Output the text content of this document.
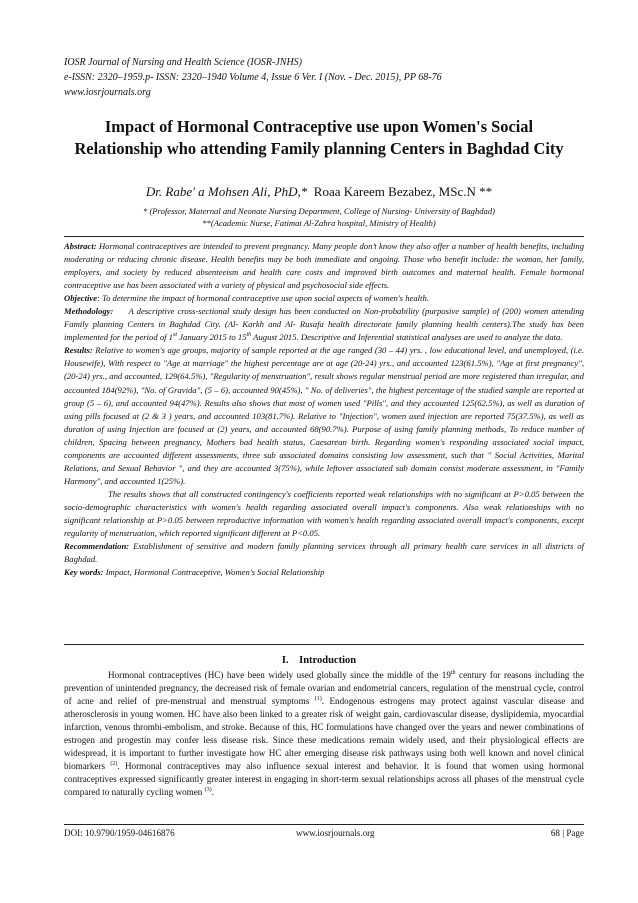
IOSR Journal of Nursing and Health Science (IOSR-JNHS)
e-ISSN: 2320–1959.p- ISSN: 2320–1940 Volume 4, Issue 6 Ver. I (Nov. - Dec. 2015), PP 68-76
www.iosrjournals.org
Impact of Hormonal Contraceptive use upon Women's Social Relationship who attending Family planning Centers in Baghdad City
Dr. Rabe' a Mohsen Ali, PhD,* Roaa Kareem Bezabez, MSc.N **
* (Professor, Maternal and Neonate Nursing Department, College of Nursing- University of Baghdad)
**(Academic Nurse, Fatimat Al-Zahra hospital, Ministry of Health)

Abstract: Hormonal contraceptives are intended to prevent pregnancy. Many people don’t know they also offer a number of health benefits, including moderating or reducing chronic disease. Health benefits may be both immediate and ongoing. Those who benefit include: the woman, her family, employers, and society by reduced absenteeism and health care costs and improved birth outcomes and maternal health. Female hormonal contraceptive use has been associated with a variety of physical and psychosocial side effects.

Objective: To determine the impact of hormonal contraceptive use upon social aspects of women's health.

Methodology: A descriptive cross-sectional study design has been conducted on Non-probability (purposive sample) of (200) women attending Family planning Centers in Baghdad City. (Al- Karkh and Al- Rusafa health directorate family planning health centers).The study has been implemented for the period of 1st January 2015 to 15th August 2015. Descriptive and Inferential statistical analyses are used to analyze the data.

Results: Relative to women's age groups, majority of sample reported at the age ranged (30 – 44) yrs. , low educational level, and unemployed, (i.e. Housewife), With respect to "Age at marriage" the highest percentage are at age (20-24) yrs., and accounted 123(61.5%), "Age at first pregnancy", (20-24) yrs., and accounted, 129(64.5%), "Regularity of menstruation", result shows regular menstrual period are more registered than irregular, and accounted 184(92%), "No. of Gravida", (5 – 6), accounted 90(45%), " No. of deliveries", the highest percentage of the studied sample are reported at group (5 – 6), and accounted 94(47%). Results also shows that most of women used "Pills", and they accounted 125(62.5%), as well as duration of using pills focused at (2 & 3 ) years, and accounted 103(81.7%). Relative to "Injection", women used injection are reported 75(37.5%), as well as duration of using Injection are focused at (2) years, and accounted 68(90.7%). Purpose of using family planning methods, To reduce number of children, Spacing between pregnancy, Mothers bad health status, Caesarean birth. Regarding women's responding associated social impact, components are accounted different assessments, three sub associated domains consisting low assessment, such that " Social Activities, Marital Relations, and Sexual Behavior ", and they are accounted 3(75%), while leftover associated sub domain consist moderate assessment, in "Family Harmony", and accounted 1(25%).

The results shows that all constructed contingency's coefficients reported weak relationships with no significant at P>0.05 between the socio-demographic characteristics with women's health regarding associated overall impact's components. Also weak relationships with no significant relationship at P>0.05 between reproductive information with women's health regarding associated overall impact's components, except regularity of menstruation, which reported significant different at P<0.05.

Recommendation: Establishment of sensitive and modern family planning services through all primary health care services in all districts of Baghdad.

Key words: Impact, Hormonal Contraceptive, Women's Social Relationship

I. Introduction

Hormonal contraceptives (HC) have been widely used globally since the middle of the 19th century for reasons including the prevention of unintended pregnancy, the decreased risk of female ovarian and endometrial cancers, regulation of the menstrual cycle, control of acne and relief of pre-menstrual and menstrual symptoms $^{(1)}$. Endogenous estrogens may protect against vascular disease and atherosclerosis in young women. HC have also been linked to a greater risk of weight gain, cardiovascular disease, dyslipidemia, myocardial infarction, venous thrombi-embolism, and stroke. Because of this, HC formulations have changed over the years and newer combinations of estrogen and progestin may confer less disease risk. Since these medications remain widely used, and their physiological effects are widespread, it is important to further investigate how HC alter emerging disease risk pathways using both well known and novel clinical biomarkers $^{(2)}$. Hormonal contraceptives may also influence sexual interest and behavior. It is found that women using hormonal contraceptives expressed significantly greater interest in engaging in short-term sexual relationships across all phases of the menstrual cycle compared to naturally cycling women $^{(3)}$.

DOI: 10.9790/1959-04616876	www.iosrjournals.org	68 | Page
